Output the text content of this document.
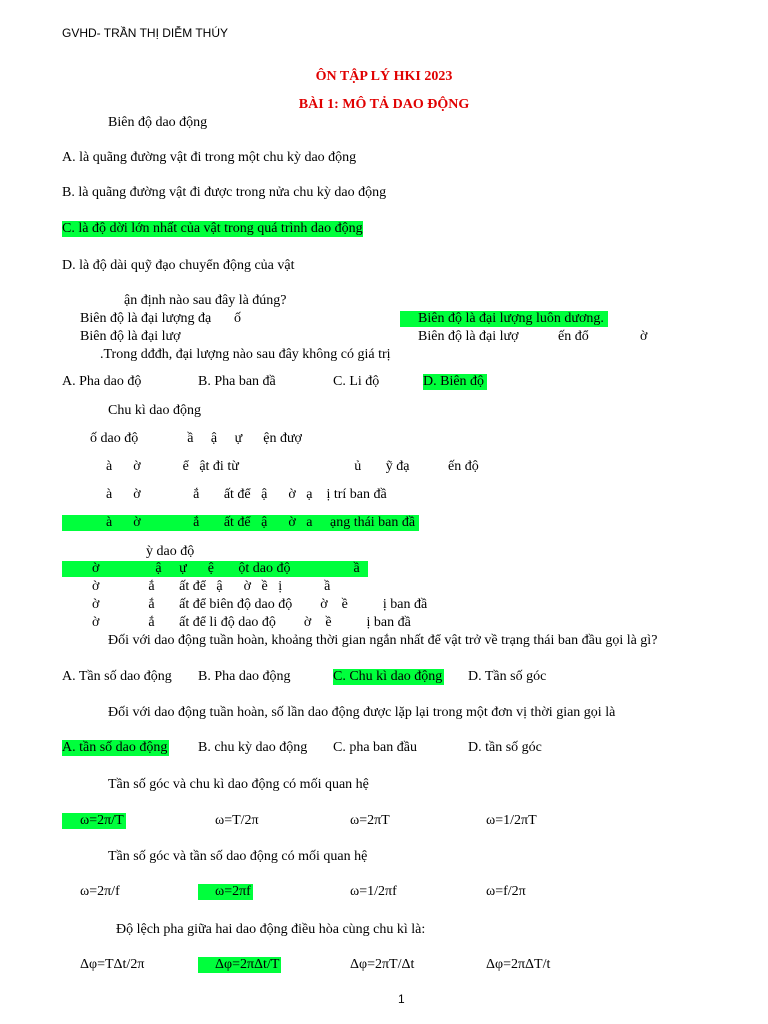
GVHD- TRẦN THỊ DIỄM THÚY
ÔN TẬP LÝ HKI 2023
BÀI 1: MÔ TẢ DAO ĐỘNG
Biên độ dao động
A. là quãng đường vật đi trong một chu kỳ dao động
B. là quãng đường vật đi được trong nửa chu kỳ dao động
C. là độ dời lớn nhất của vật trong quá trình dao động
D. là độ dài quỹ đạo chuyển động của vật
ận định nào sau đây là đúng?
Biên độ là đại lượng đạ ố	Biên độ là đại lượng luôn dương.
Biên độ là đại lượ	Biên độ là đại lượ	ến đổ	ờ
.Trong dđđh, đại lượng nào sau đây không có giá trị
A. Pha dao độ	B. Pha ban đầ	C. Li độ	D. Biên độ
Chu kì dao động
ố dao độ              ầ     ậ     ự      ện đượ
à      ờ            ể   ật đi từ                                 ủ       ỹ đạ           ến độ
à      ờ               ắ       ất để   ậ      ờ   ạ    ị trí ban đầ
à      ờ               ắ       ất để   ậ      ờ   a     ạng thái ban đầ
ỳ dao độ
ờ                ậ     ự      ệ       ột dao độ                  ầ
ờ              ắ       ất để   ậ      ờ   ề   ị            ầ
ờ              ắ       ất để biên độ dao độ        ờ    ề          ị ban đầ
ờ              ắ       ất để li độ dao độ        ờ    ề          ị ban đầ
Đối với dao động tuần hoàn, khoảng thời gian ngắn nhất để vật trở về trạng thái ban đầu gọi là gì?
A. Tần số dao động B. Pha dao động	C. Chu kì dao động D. Tần số góc
Đối với dao động tuần hoàn, số lần dao động được lặp lại trong một đơn vị thời gian gọi là
A. tần số dao động B. chu kỳ dao động C. pha ban đầu	D. tần số góc
Tần số góc và chu kì dao động có mối quan hệ
ω=2π/T	ω=T/2π	ω=2πT	ω=1/2πT
Tần số góc và tần số dao động có mối quan hệ
ω=2π/f	ω=2πf	ω=1/2πf	ω=f/2π
Độ lệch pha giữa hai dao động điều hòa cùng chu kì là:
Δφ=TΔt/2π	Δφ=2πΔt/T	Δφ=2πT/Δt	Δφ=2πΔT/t
1
